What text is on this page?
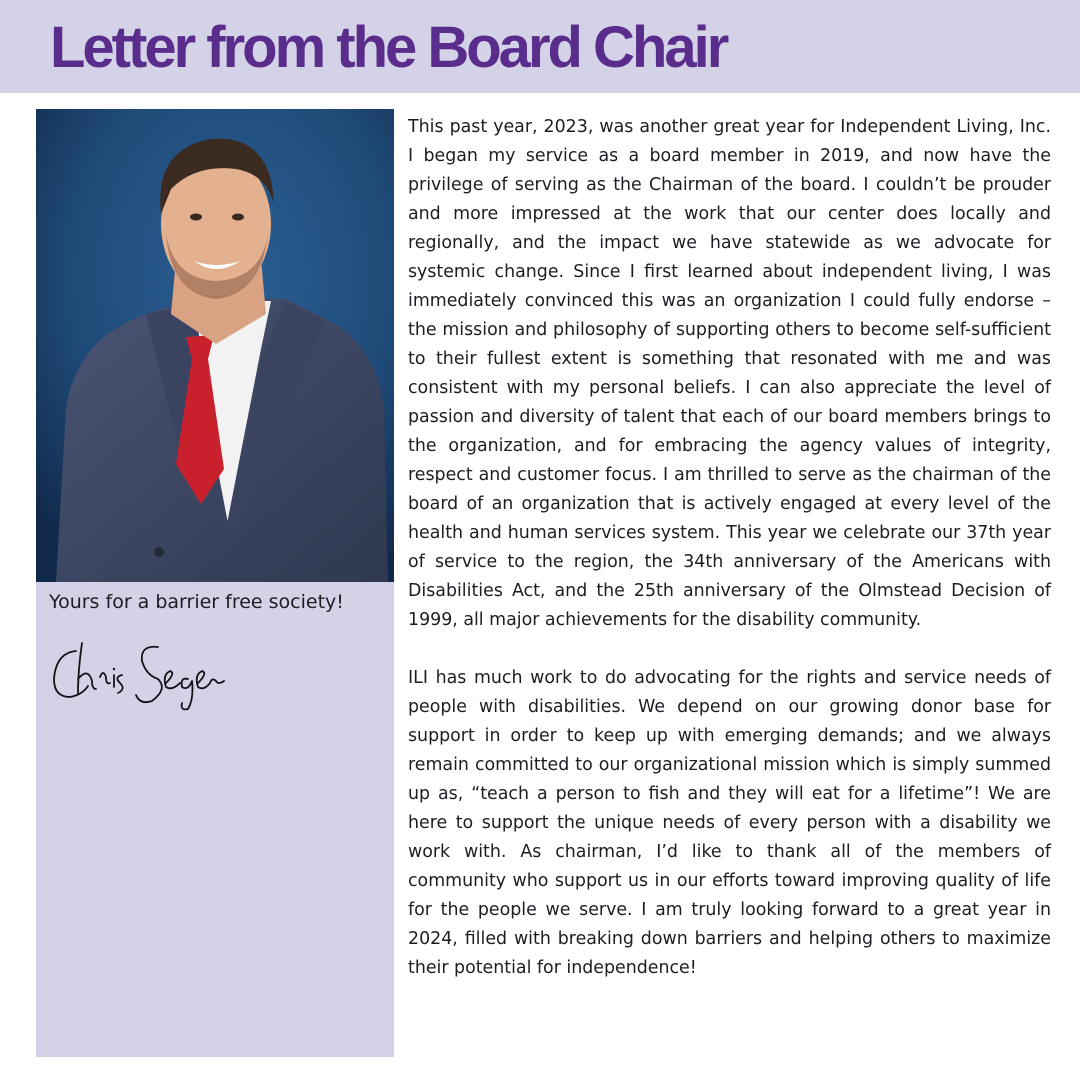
Letter from the Board Chair

Yours for a barrier free society!

This past year, 2023, was another great year for Independent Living, Inc. I began my service as a board member in 2019, and now have the privilege of serving as the Chairman of the board. I couldn’t be prouder and more impressed at the work that our center does locally and regionally, and the impact we have statewide as we advocate for systemic change. Since I first learned about independent living, I was immediately convinced this was an organization I could fully endorse – the mission and philosophy of supporting others to become self-sufficient to their fullest extent is something that resonated with me and was consistent with my personal beliefs. I can also appreciate the level of passion and diversity of talent that each of our board members brings to the organization, and for embracing the agency values of integrity, respect and customer focus. I am thrilled to serve as the chairman of the board of an organization that is actively engaged at every level of the health and human services system. This year we celebrate our 37th year of service to the region, the 34th anniversary of the Americans with Disabilities Act, and the 25th anniversary of the Olmstead Decision of 1999, all major achievements for the disability community.

ILI has much work to do advocating for the rights and service needs of people with disabilities. We depend on our growing donor base for support in order to keep up with emerging demands; and we always remain committed to our organizational mission which is simply summed up as, “teach a person to fish and they will eat for a lifetime”! We are here to support the unique needs of every person with a disability we work with. As chairman, I’d like to thank all of the members of community who support us in our efforts toward improving quality of life for the people we serve. I am truly looking forward to a great year in 2024, filled with breaking down barriers and helping others to maximize their potential for independence!
